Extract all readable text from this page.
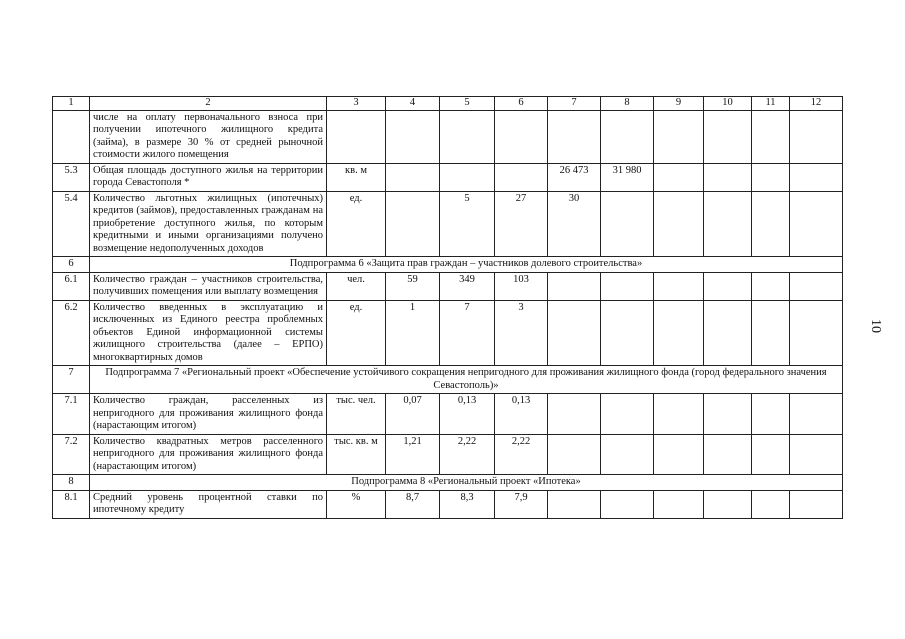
10
1	2	3	4	5	6	7	8	9	10	11	12
	числе на оплату первоначального взноса при получении ипотечного жилищного кредита (займа), в размере 30 % от средней рыночной стоимости жилого помещения										
5.3	Общая площадь доступного жилья на территории города Севастополя *	кв. м				26 473	31 980				
5.4	Количество льготных жилищных (ипотечных) кредитов (займов), предоставленных гражданам на приобретение доступного жилья, по которым кредитными и иными организациями получено возмещение недополученных доходов	ед.		5	27	30					
6	Подпрограмма 6 «Защита прав граждан – участников долевого строительства»										
6.1	Количество граждан – участников строительства, получивших помещения или выплату возмещения	чел.	59	349	103						
6.2	Количество введенных в эксплуатацию и исключенных из Единого реестра проблемных объектов Единой информационной системы жилищного строительства (далее – ЕРПО) многоквартирных домов	ед.	1	7	3						
7	Подпрограмма 7 «Региональный проект «Обеспечение устойчивого сокращения непригодного для проживания жилищного фонда (город федерального значения Севастополь)»										
7.1	Количество граждан, расселенных из непригодного для проживания жилищного фонда (нарастающим итогом)	тыс. чел.	0,07	0,13	0,13						
7.2	Количество квадратных метров расселенного непригодного для проживания жилищного фонда (нарастающим итогом)	тыс. кв. м	1,21	2,22	2,22						
8	Подпрограмма 8 «Региональный проект «Ипотека»										
8.1	Средний уровень процентной ставки по ипотечному кредиту	%	8,7	8,3	7,9						
